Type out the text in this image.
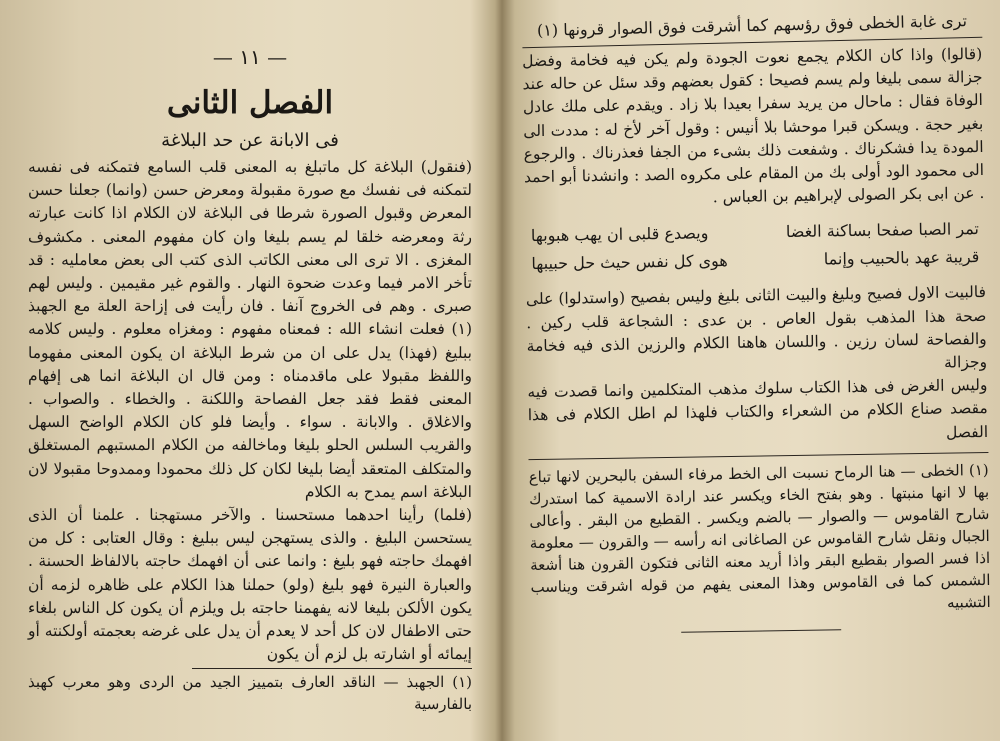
— ١١ —
الفصل الثانى
فى الابانة عن حد البلاغة

(فنقول) البلاغة كل ماتبلغ به المعنى قلب السامع فتمكنه فى نفسه لتمكنه فى نفسك مع صورة مقبولة ومعرض حسن (وانما) جعلنا حسن المعرض وقبول الصورة شرطا فى البلاغة لان الكلام اذا كانت عبارته رثة ومعرضه خلقا لم يسم بليغا وان كان مفهوم المعنى . مكشوف المغزى . الا ترى الى معنى الكاتب الذى كتب الى بعض معامليه : قد تأخر الامر فيما وعدت ضحوة النهار . والقوم غير مقيمين . وليس لهم صبرى . وهم فى الخروج آنفا . فان رأيت فى إزاحة العلة مع الجهبذ (١) فعلت انشاء الله : فمعناه مفهوم : ومغزاه معلوم . وليس كلامه ببليغ (فهذا) يدل على ان من شرط البلاغة ان يكون المعنى مفهوما واللفظ مقبولا على ماقدمناه : ومن قال ان البلاغة انما هى إفهام المعنى فقط فقد جعل الفصاحة واللكنة . والخطاء . والصواب . والاغلاق . والابانة . سواء . وأيضا فلو كان الكلام الواضح السهل والقريب السلس الحلو بليغا وماخالفه من الكلام المستبهم المستغلق والمتكلف المتعقد أيضا بليغا لكان كل ذلك محمودا وممدوحا مقبولا لان البلاغة اسم يمدح به الكلام

(فلما) رأينا احدهما مستحسنا . والآخر مستهجنا . علمنا أن الذى يستحسن البليغ . والذى يستهجن ليس ببليغ : وقال العتابى : كل من افهمك حاجته فهو بليغ : وانما عنى أن افهمك حاجته بالالفاظ الحسنة . والعبارة النيرة فهو بليغ (ولو) حملنا هذا الكلام على ظاهره لزمه أن يكون الألكن بليغا لانه يفهمنا حاجته بل ويلزم أن يكون كل الناس بلغاء حتى الاطفال لان كل أحد لا يعدم أن يدل على غرضه بعجمته أولكنته أو إيمائه أو اشارته بل لزم أن يكون

(١) الجهبذ — الناقد العارف بتمييز الجيد من الردى وهو معرب كهبذ بالفارسية

ترى غابة الخطى فوق رؤسهم كما أشرقت فوق الصوار قرونها (١)

(قالوا) واذا كان الكلام يجمع نعوت الجودة ولم يكن فيه فخامة وفضل جزالة سمى بليغا ولم يسم فصيحا : كقول بعضهم وقد سئل عن حاله عند الوفاة فقال : ماحال من يريد سفرا بعيدا بلا زاد . ويقدم على ملك عادل بغير حجة . ويسكن قبرا موحشا بلا أنيس : وقول آخر لأخ له : مددت الى المودة يدا فشكرناك . وشفعت ذلك بشىء من الجفا فعذرناك . والرجوع الى محمود الود أولى بك من المقام على مكروه الصد : وانشدنا أبو احمد . عن ابى بكر الصولى لإبراهيم بن العباس .

تمر الصبا صفحا بساكنة الغضا
ويصدع قلبى ان يهب هبوبها
قريبة عهد بالحبيب وإنما
هوى كل نفس حيث حل حبيبها

فالبيت الاول فصيح وبليغ والبيت الثانى بليغ وليس بفصيح (واستدلوا) على صحة هذا المذهب بقول العاص . بن عدى : الشجاعة قلب ركين . والفصاحة لسان رزين . واللسان هاهنا الكلام والرزين الذى فيه فخامة وجزالة

وليس الغرض فى هذا الكتاب سلوك مذهب المتكلمين وانما قصدت فيه مقصد صناع الكلام من الشعراء والكتاب فلهذا لم اطل الكلام فى هذا الفصل

(١) الخطى — هنا الرماح نسبت الى الخط مرفاء السفن بالبحرين لانها تباع بها لا انها منبتها . وهو بفتح الخاء ويكسر عند ارادة الاسمية كما استدرك شارح القاموس — والصوار — بالضم ويكسر . القطيع من البقر . وأعالى الجبال ونقل شارح القاموس عن الصاغانى انه رأسه — والقرون — معلومة اذا فسر الصوار بقطيع البقر واذا أريد معنه الثانى فتكون القرون هنا أشعة الشمس كما فى القاموس وهذا المعنى يفهم من قوله اشرقت ويناسب التشبيه
